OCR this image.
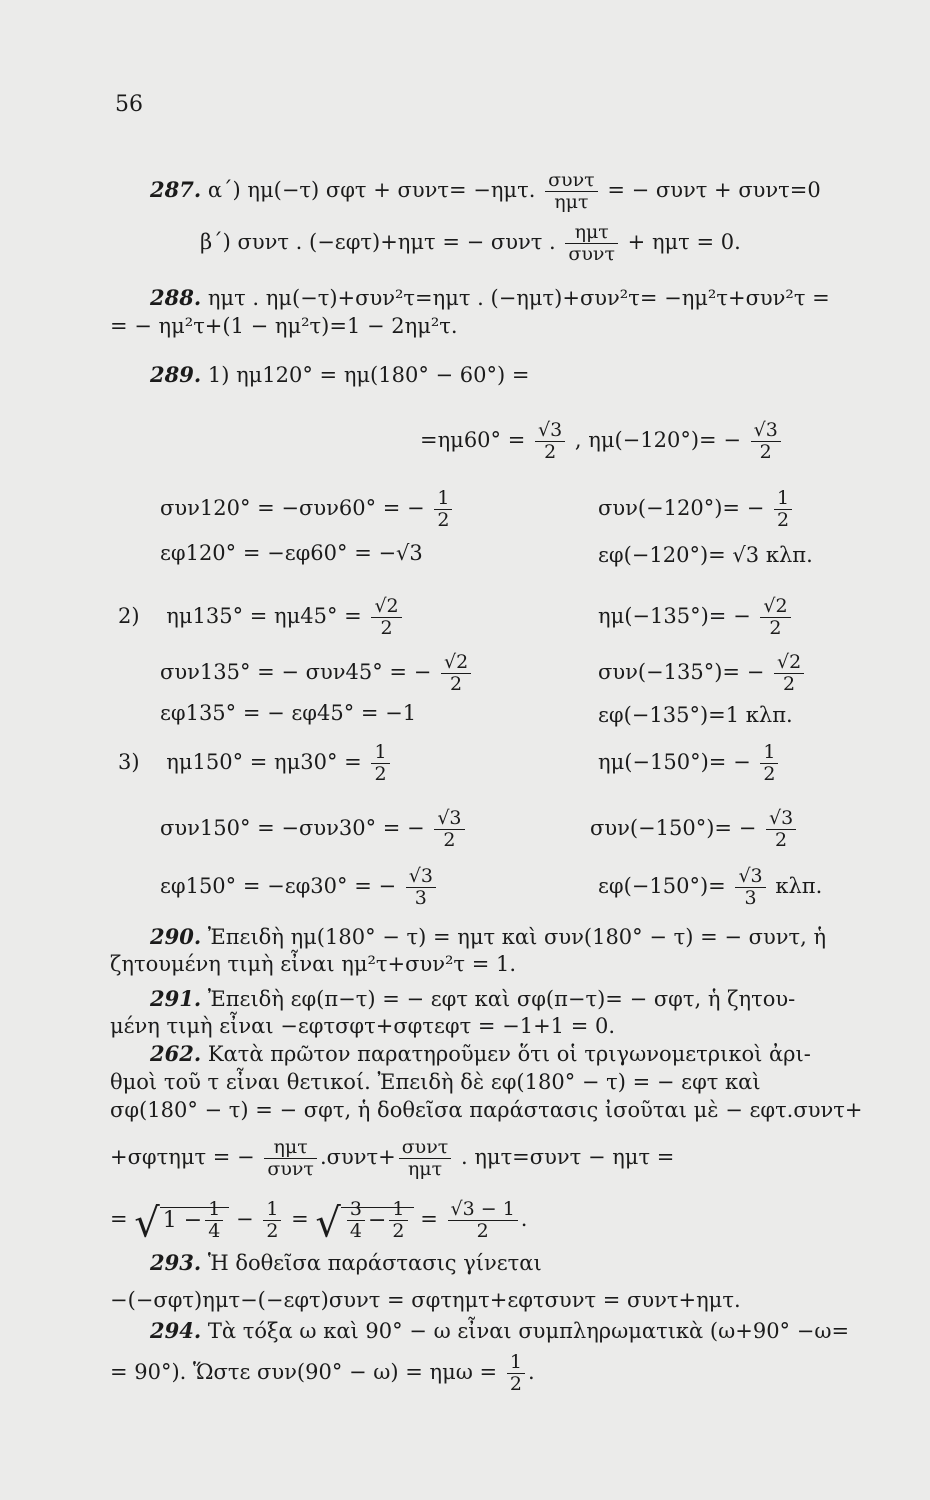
56
287. α΄) ημ(−τ) σφτ + συντ= −ημτ. $\frac{\text{συντ}}{\text{ημτ}}$ = − συντ + συντ=0
β΄) συντ . (−εφτ)+ημτ = − συντ . $\frac{\text{ημτ}}{\text{συντ}} + \eta\mu\tau = 0$.
288. ημτ . ημ(−τ)+συν²τ=ημτ . (−ημτ)+συν²τ= −ημ²τ+συν²τ =
= − ημ²τ+(1 − ημ²τ)=1 − 2ημ²τ.
289. 1) ημ120° = ημ(180° − 60°) =
$=\eta\mu 60^\circ = \frac{√3}{2}$ , $\eta\mu(-120^\circ)= - \frac{√3}{2}$
συν120° = −συν60° = − $\frac{1}{2}$	$\sigma\upsilon\nu(-120^\circ)= - \frac{1}{2}$
εφ120° = −εφ60° = −√3	εφ(−120°)= √3 κλπ.
2) $\eta\mu 135^\circ = \eta\mu 45^\circ = \frac{√2}{2}$	$\eta\mu(-135^\circ)= - \frac{√2}{2}$
συν135° = − συν45° = − $\frac{√2}{2}$	$\sigma\upsilon\nu(-135^\circ)= - \frac{√2}{2}$
εφ135° = − εφ45° = −1	εφ(−135°)=1 κλπ.
3) $\eta\mu 150^\circ = \eta\mu 30^\circ = \frac{1}{2}$	$\eta\mu(-150^\circ)= - \frac{1}{2}$
συν150° = −συν30° = − $\frac{√3}{2}$	$\sigma\upsilon\nu(-150^\circ)= - \frac{√3}{2}$
εφ150° = −εφ30° = − $\frac{√3}{3}$	$\varepsilon\varphi(-150^\circ)= \frac{√3}{3} \kappa\lambda\pi$.
290. Ἐπειδὴ ημ(180° − τ) = ημτ καὶ συν(180° − τ) = − συντ, ἡ
ζητουμένη τιμὴ εἶναι ημ²τ+συν²τ = 1.
291. Ἐπειδὴ εφ(π−τ) = − εφτ καὶ σφ(π−τ)= − σφτ, ἡ ζητου-
μένη τιμὴ εἶναι −εφτσφτ+σφτεφτ = −1+1 = 0.
262. Κατὰ πρῶτον παρατηροῦμεν ὅτι οἱ τριγωνομετρικοὶ ἀρι-
θμοὶ τοῦ τ εἶναι θετικοί. Ἐπειδὴ δὲ εφ(180° − τ) = − εφτ καὶ
σφ(180° − τ) = − σφτ, ἡ δοθεῖσα παράστασις ἰσοῦται μὲ − εφτ.συντ+
+σφτημτ = − $\frac{\text{ημτ}}{\text{συντ}} .\sigma\upsilon\nu\tau+ \frac{\text{συντ}}{\text{ημτ}}$ . ημτ=συντ − ημτ =
= √ $1 - \frac{1}{4} - \frac{1}{2}$ = √ $\frac{3}{4} - \frac{1}{2} = \frac{√3 - 1}{2}$ .
293. Ἡ δοθεῖσα παράστασις γίνεται
−(−σφτ)ημτ−(−εφτ)συντ = σφτημτ+εφτσυντ = συντ+ημτ.
294. Τὰ τόξα ω καὶ 90° − ω εἶναι συμπληρωματικὰ (ω+90° −ω=
= 90°). Ὥστε $\sigma\upsilon\nu(90^\circ - \omega) = \eta\mu\omega = \frac{1}{2}$ .
